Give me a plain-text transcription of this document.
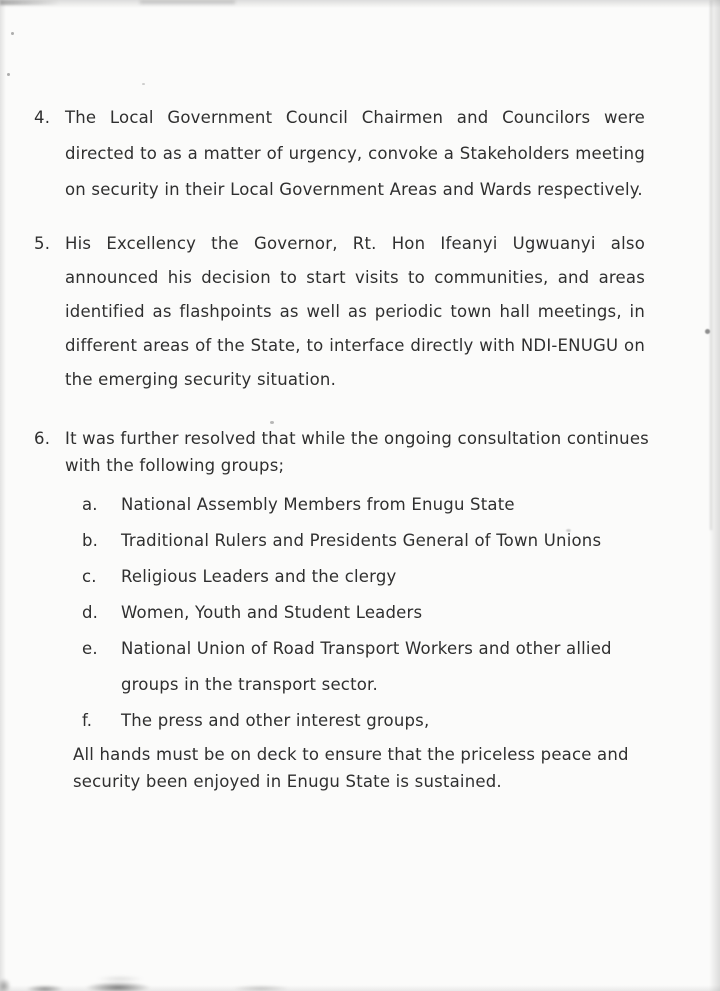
4. The Local Government Council Chairmen and Councilors were directed to as a matter of urgency, convoke a Stakeholders meeting on security in their Local Government Areas and Wards respectively.

5. His Excellency the Governor, Rt. Hon Ifeanyi Ugwuanyi also announced his decision to start visits to communities, and areas identified as flashpoints as well as periodic town hall meetings, in different areas of the State, to interface directly with NDI-ENUGU on the emerging security situation.

6. It was further resolved that while the ongoing consultation continues with the following groups;

a.	National Assembly Members from Enugu State

b.	Traditional Rulers and Presidents General of Town Unions

c.	Religious Leaders and the clergy

d.	Women, Youth and Student Leaders

e.	National Union of Road Transport Workers and other allied groups in the transport sector.

f.	The press and other interest groups,

All hands must be on deck to ensure that the priceless peace and security been enjoyed in Enugu State is sustained.
